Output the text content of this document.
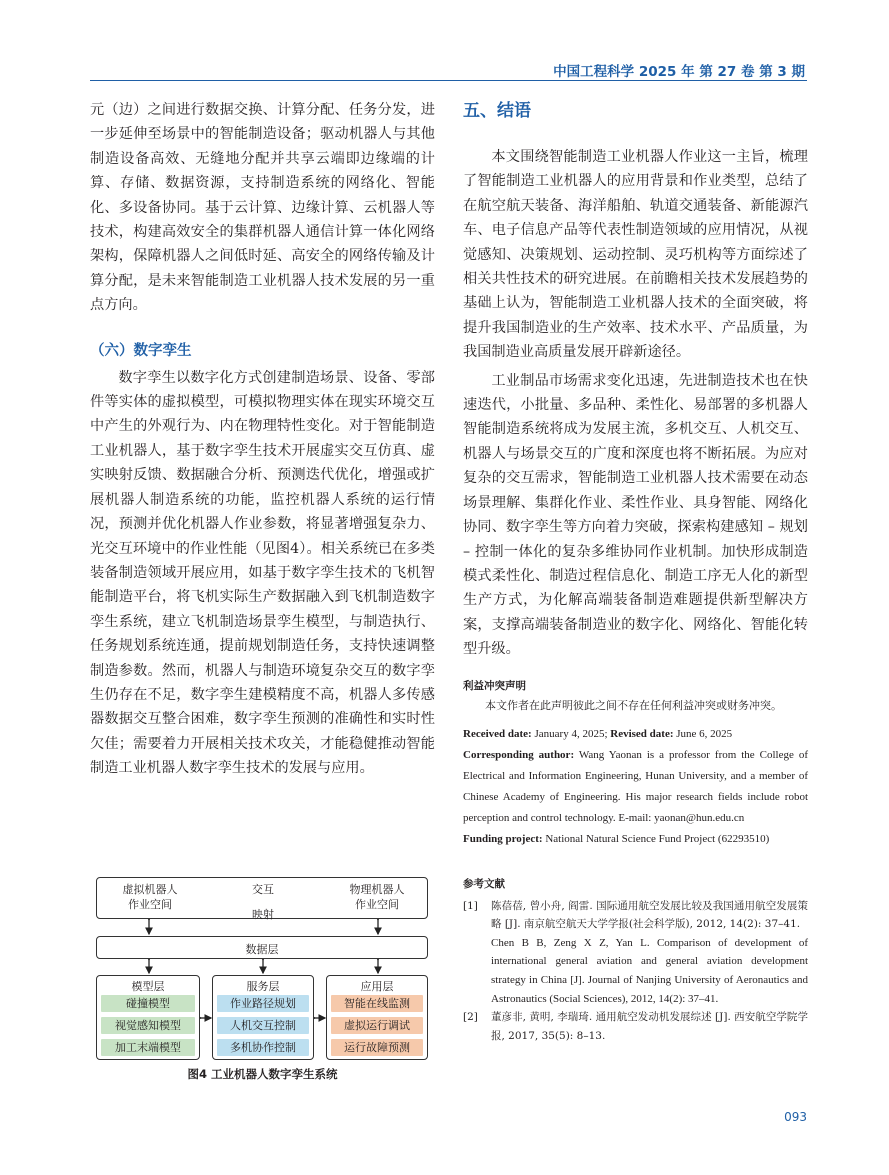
中国工程科学 2025 年 第 27 卷 第 3 期

元（边）之间进行数据交换、计算分配、任务分发，进一步延伸至场景中的智能制造设备；驱动机器人与其他制造设备高效、无缝地分配并共享云端即边缘端的计算、存储、数据资源，支持制造系统的网络化、智能化、多设备协同。基于云计算、边缘计算、云机器人等技术，构建高效安全的集群机器人通信计算一体化网络架构，保障机器人之间低时延、高安全的网络传输及计算分配，是未来智能制造工业机器人技术发展的另一重点方向。

（六）数字孪生

数字孪生以数字化方式创建制造场景、设备、零部件等实体的虚拟模型，可模拟物理实体在现实环境交互中产生的外观行为、内在物理特性变化。对于智能制造工业机器人，基于数字孪生技术开展虚实交互仿真、虚实映射反馈、数据融合分析、预测迭代优化，增强或扩展机器人制造系统的功能，监控机器人系统的运行情况，预测并优化机器人作业参数，将显著增强复杂力、光交互环境中的作业性能（见图4）。相关系统已在多类装备制造领域开展应用，如基于数字孪生技术的飞机智能制造平台，将飞机实际生产数据融入到飞机制造数字孪生系统，建立飞机制造场景孪生模型，与制造执行、任务规划系统连通，提前规划制造任务，支持快速调整制造参数。然而，机器人与制造环境复杂交互的数字孪生仍存在不足，数字孪生建模精度不高，机器人多传感器数据交互整合困难，数字孪生预测的准确性和实时性欠佳；需要着力开展相关技术攻关，才能稳健推动智能制造工业机器人数字孪生技术的发展与应用。

虚拟机器人
作业空间
物理机器人
作业空间
交互
映射
数据层
模型层
碰撞模型
视觉感知模型
加工末端模型
服务层
作业路径规划
人机交互控制
多机协作控制
应用层
智能在线监测
虚拟运行调试
运行故障预测
图4 工业机器人数字孪生系统
五、结语

本文围绕智能制造工业机器人作业这一主旨，梳理了智能制造工业机器人的应用背景和作业类型，总结了在航空航天装备、海洋船舶、轨道交通装备、新能源汽车、电子信息产品等代表性制造领域的应用情况，从视觉感知、决策规划、运动控制、灵巧机构等方面综述了相关共性技术的研究进展。在前瞻相关技术发展趋势的基础上认为，智能制造工业机器人技术的全面突破，将提升我国制造业的生产效率、技术水平、产品质量，为我国制造业高质量发展开辟新途径。

工业制品市场需求变化迅速，先进制造技术也在快速迭代，小批量、多品种、柔性化、易部署的多机器人智能制造系统将成为发展主流，多机交互、人机交互、机器人与场景交互的广度和深度也将不断拓展。为应对复杂的交互需求，智能制造工业机器人技术需要在动态场景理解、集群化作业、柔性作业、具身智能、网络化协同、数字孪生等方向着力突破，探索构建感知 – 规划 – 控制一体化的复杂多维协同作业机制。加快形成制造模式柔性化、制造过程信息化、制造工序无人化的新型生产方式，为化解高端装备制造难题提供新型解决方案，支撑高端装备制造业的数字化、网络化、智能化转型升级。

利益冲突声明

本文作者在此声明彼此之间不存在任何利益冲突或财务冲突。

Received date: January 4, 2025; Revised date: June 6, 2025

Corresponding author: Wang Yaonan is a professor from the College of Electrical and Information Engineering, Hunan University, and a member of Chinese Academy of Engineering. His major research fields include robot perception and control technology. E-mail: yaonan@hun.edu.cn

Funding project: National Natural Science Fund Project (62293510)

参考文献
[1] 陈蓓蓓, 曾小舟, 阎雷. 国际通用航空发展比较及我国通用航空发展策略 [J]. 南京航空航天大学学报(社会科学版), 2012, 14(2): 37–41.

Chen B B, Zeng X Z, Yan L. Comparison of development of international general aviation and general aviation development strategy in China [J]. Journal of Nanjing University of Aeronautics and Astronautics (Social Sciences), 2012, 14(2): 37–41.

[2] 董彦非, 黄明, 李瑞琦. 通用航空发动机发展综述 [J]. 西安航空学院学报, 2017, 35(5): 8–13.
093
